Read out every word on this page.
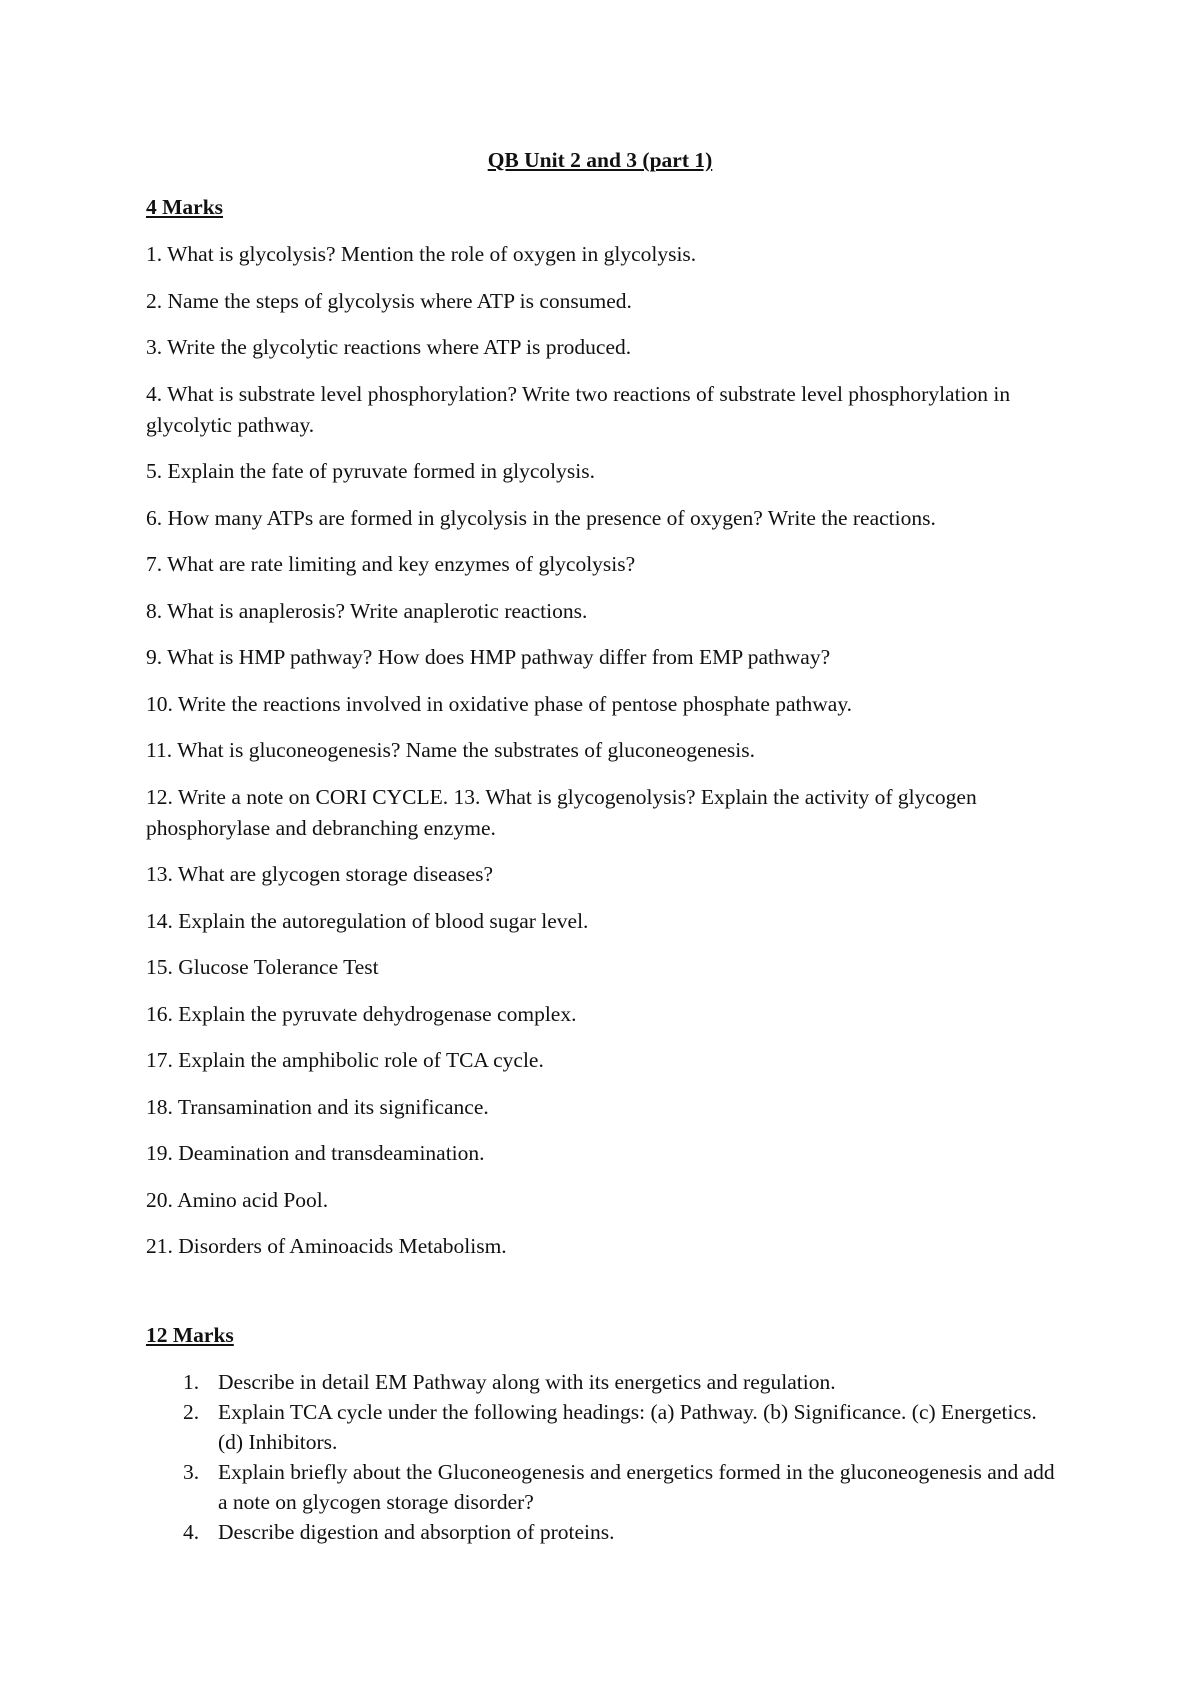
QB Unit 2 and 3 (part 1)
4 Marks
1. What is glycolysis? Mention the role of oxygen in glycolysis.
2. Name the steps of glycolysis where ATP is consumed.
3. Write the glycolytic reactions where ATP is produced.
4. What is substrate level phosphorylation? Write two reactions of substrate level phosphorylation in glycolytic pathway.
5. Explain the fate of pyruvate formed in glycolysis.
6. How many ATPs are formed in glycolysis in the presence of oxygen? Write the reactions.
7. What are rate limiting and key enzymes of glycolysis?
8. What is anaplerosis? Write anaplerotic reactions.
9. What is HMP pathway? How does HMP pathway differ from EMP pathway?
10. Write the reactions involved in oxidative phase of pentose phosphate pathway.
11. What is gluconeogenesis? Name the substrates of gluconeogenesis.
12. Write a note on CORI CYCLE. 13. What is glycogenolysis? Explain the activity of glycogen phosphorylase and debranching enzyme.
13. What are glycogen storage diseases?
14. Explain the autoregulation of blood sugar level.
15. Glucose Tolerance Test
16. Explain the pyruvate dehydrogenase complex.
17. Explain the amphibolic role of TCA cycle.
18. Transamination and its significance.
19. Deamination and transdeamination.
20. Amino acid Pool.
21. Disorders of Aminoacids Metabolism.
12 Marks
1. Describe in detail EM Pathway along with its energetics and regulation.
2. Explain TCA cycle under the following headings: (a) Pathway. (b) Significance. (c) Energetics. (d) Inhibitors.
3. Explain briefly about the Gluconeogenesis and energetics formed in the gluconeogenesis and add a note on glycogen storage disorder?
4. Describe digestion and absorption of proteins.
